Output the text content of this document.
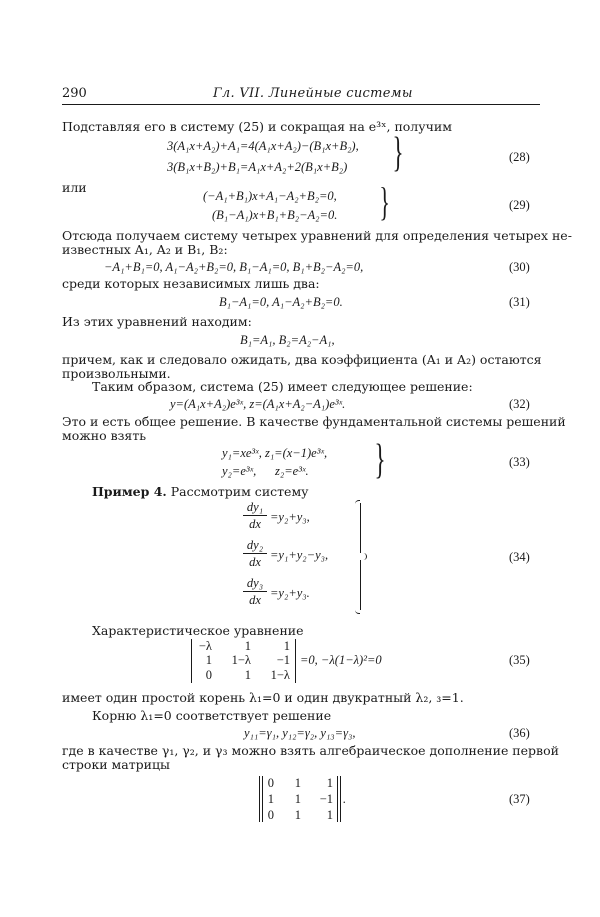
290	Гл. VII. Линейные системы
Подставляя его в систему (25) и сокращая на e³ˣ, получим
3(A₁x+A₂)+A₁=4(A₁x+A₂)−(B₁x+B₂),
3(B₁x+B₂)+B₁=A₁x+A₂+2(B₁x+B₂) }	(28)
или
(−A₁+B₁)x+A₁−A₂+B₂=0,
(B₁−A₁)x+B₁+B₂−A₂=0. }	(29)
Отсюда получаем систему четырех уравнений для определения четырех не-
известных A₁, A₂ и B₁, B₂:
−A₁+B₁=0, A₁−A₂+B₂=0, B₁−A₁=0, B₁+B₂−A₂=0,	(30)
среди которых независимых лишь два:
B₁−A₁=0, A₁−A₂+B₂=0.	(31)
Из этих уравнений находим:
B₁=A₁, B₂=A₂−A₁,
причем, как и следовало ожидать, два коэффициента (A₁ и A₂) остаются
произвольными.
Таким образом, система (25) имеет следующее решение:
y=(A₁x+A₂)e³ˣ, z=(A₁x+A₂−A₁)e³ˣ.	(32)
Это и есть общее решение. В качестве фундаментальной системы решений
можно взять
y₁=xe³ˣ, z₁=(x−1)e³ˣ,
y₂=e³ˣ,      z₂=e³ˣ. }	(33)
Пример 4. Рассмотрим систему
dy₁
dx =y₂+y₃,
dy₂
dx =y₁+y₂−y₃,
dy₃
dx =y₂+y₃.
(34)
Характеристическое уравнение
−λ	1	1
1	1−λ	−1
0	1	1−λ
=0, −λ(1−λ)²=0	(35)
имеет один простой корень λ₁=0 и один двукратный λ₂, ₃=1.
Корню λ₁=0 соответствует решение
y₁₁=γ₁, y₁₂=γ₂, y₁₃=γ₃,	(36)
где в качестве γ₁, γ₂, и γ₃ можно взять алгебраическое дополнение первой
строки матрицы
0	1	1
1	1	−1
0	1	1
.	(37)
